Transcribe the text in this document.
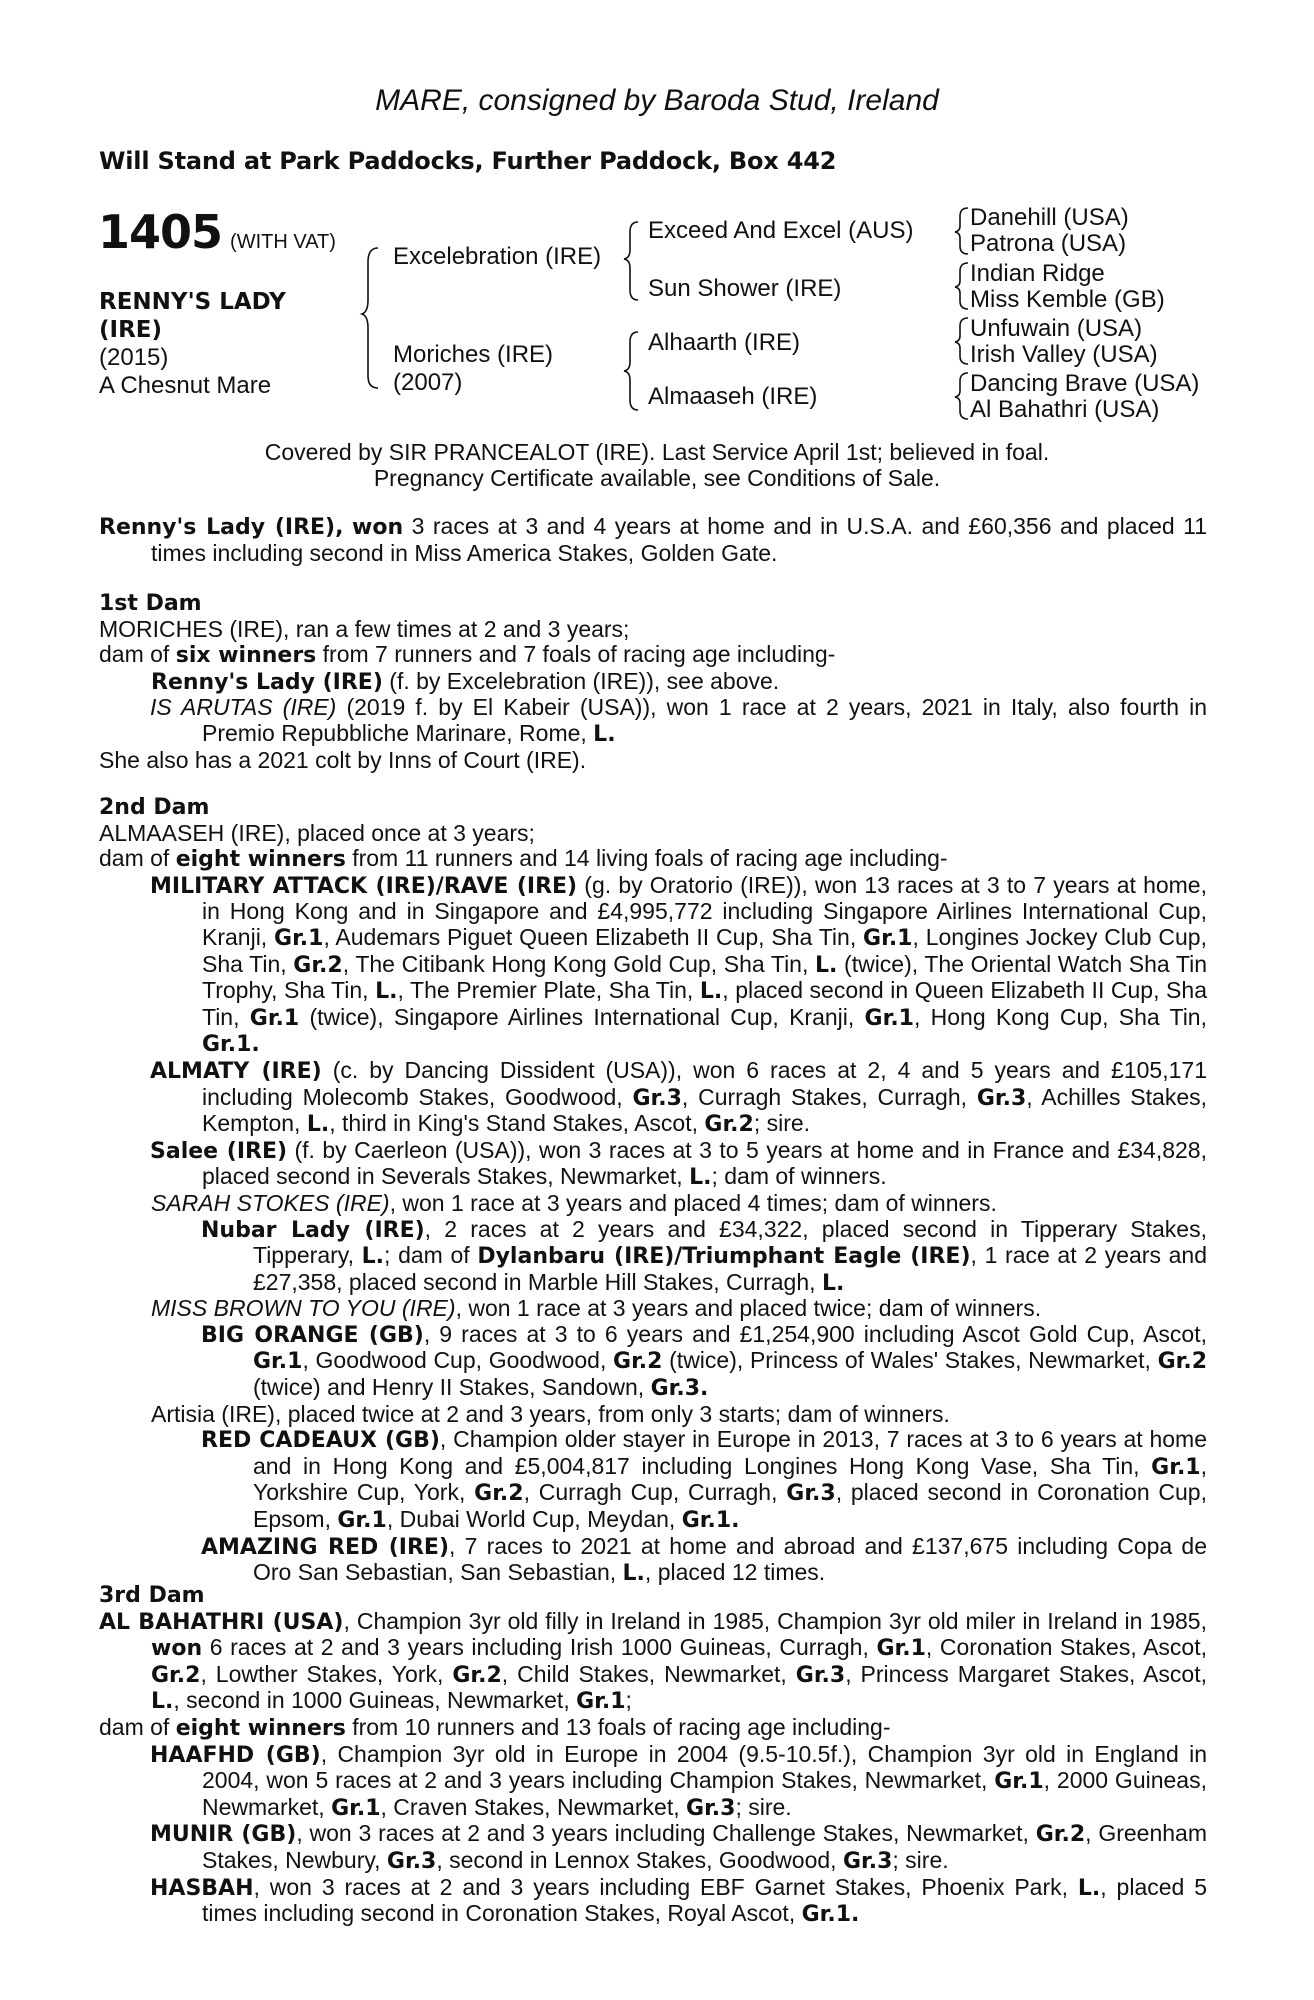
MARE, consigned by Baroda Stud, Ireland
Will Stand at Park Paddocks, Further Paddock, Box 442
1405 (WITH VAT)
RENNY'S LADY
(IRE)
(2015)
A Chesnut Mare
Excelebration (IRE)
Moriches (IRE)
(2007)
Exceed And Excel (AUS)
Sun Shower (IRE)
Alhaarth (IRE)
Almaaseh (IRE)
Danehill (USA)
Patrona (USA)
Indian Ridge
Miss Kemble (GB)
Unfuwain (USA)
Irish Valley (USA)
Dancing Brave (USA)
Al Bahathri (USA)
Covered by SIR PRANCEALOT (IRE). Last Service April 1st; believed in foal.
Pregnancy Certificate available, see Conditions of Sale.

Renny's Lady (IRE), won 3 races at 3 and 4 years at home and in U.S.A. and £60,356 and placed 11 times including second in Miss America Stakes, Golden Gate.

1st Dam

MORICHES (IRE), ran a few times at 2 and 3 years;

dam of six winners from 7 runners and 7 foals of racing age including-

Renny's Lady (IRE) (f. by Excelebration (IRE)), see above.

IS ARUTAS (IRE) (2019 f. by El Kabeir (USA)), won 1 race at 2 years, 2021 in Italy, also fourth in Premio Repubbliche Marinare, Rome, L.

She also has a 2021 colt by Inns of Court (IRE).

2nd Dam

ALMAASEH (IRE), placed once at 3 years;

dam of eight winners from 11 runners and 14 living foals of racing age including-

MILITARY ATTACK (IRE)/RAVE (IRE) (g. by Oratorio (IRE)), won 13 races at 3 to 7 years at home, in Hong Kong and in Singapore and £4,995,772 including Singapore Airlines International Cup, Kranji, Gr.1, Audemars Piguet Queen Elizabeth II Cup, Sha Tin, Gr.1, Longines Jockey Club Cup, Sha Tin, Gr.2, The Citibank Hong Kong Gold Cup, Sha Tin, L. (twice), The Oriental Watch Sha Tin Trophy, Sha Tin, L., The Premier Plate, Sha Tin, L., placed second in Queen Elizabeth II Cup, Sha Tin, Gr.1 (twice), Singapore Airlines International Cup, Kranji, Gr.1, Hong Kong Cup, Sha Tin, Gr.1.

ALMATY (IRE) (c. by Dancing Dissident (USA)), won 6 races at 2, 4 and 5 years and £105,171 including Molecomb Stakes, Goodwood, Gr.3, Curragh Stakes, Curragh, Gr.3, Achilles Stakes, Kempton, L., third in King's Stand Stakes, Ascot, Gr.2; sire.

Salee (IRE) (f. by Caerleon (USA)), won 3 races at 3 to 5 years at home and in France and £34,828, placed second in Severals Stakes, Newmarket, L.; dam of winners.

SARAH STOKES (IRE), won 1 race at 3 years and placed 4 times; dam of winners.

Nubar Lady (IRE), 2 races at 2 years and £34,322, placed second in Tipperary Stakes, Tipperary, L.; dam of Dylanbaru (IRE)/Triumphant Eagle (IRE), 1 race at 2 years and £27,358, placed second in Marble Hill Stakes, Curragh, L.

MISS BROWN TO YOU (IRE), won 1 race at 3 years and placed twice; dam of winners.

BIG ORANGE (GB), 9 races at 3 to 6 years and £1,254,900 including Ascot Gold Cup, Ascot, Gr.1, Goodwood Cup, Goodwood, Gr.2 (twice), Princess of Wales' Stakes, Newmarket, Gr.2 (twice) and Henry II Stakes, Sandown, Gr.3.

Artisia (IRE), placed twice at 2 and 3 years, from only 3 starts; dam of winners.

RED CADEAUX (GB), Champion older stayer in Europe in 2013, 7 races at 3 to 6 years at home and in Hong Kong and £5,004,817 including Longines Hong Kong Vase, Sha Tin, Gr.1, Yorkshire Cup, York, Gr.2, Curragh Cup, Curragh, Gr.3, placed second in Coronation Cup, Epsom, Gr.1, Dubai World Cup, Meydan, Gr.1.

AMAZING RED (IRE), 7 races to 2021 at home and abroad and £137,675 including Copa de Oro San Sebastian, San Sebastian, L., placed 12 times.

3rd Dam

AL BAHATHRI (USA), Champion 3yr old filly in Ireland in 1985, Champion 3yr old miler in Ireland in 1985, won 6 races at 2 and 3 years including Irish 1000 Guineas, Curragh, Gr.1, Coronation Stakes, Ascot, Gr.2, Lowther Stakes, York, Gr.2, Child Stakes, Newmarket, Gr.3, Princess Margaret Stakes, Ascot, L., second in 1000 Guineas, Newmarket, Gr.1;

dam of eight winners from 10 runners and 13 foals of racing age including-

HAAFHD (GB), Champion 3yr old in Europe in 2004 (9.5-10.5f.), Champion 3yr old in England in 2004, won 5 races at 2 and 3 years including Champion Stakes, Newmarket, Gr.1, 2000 Guineas, Newmarket, Gr.1, Craven Stakes, Newmarket, Gr.3; sire.

MUNIR (GB), won 3 races at 2 and 3 years including Challenge Stakes, Newmarket, Gr.2, Greenham Stakes, Newbury, Gr.3, second in Lennox Stakes, Goodwood, Gr.3; sire.

HASBAH, won 3 races at 2 and 3 years including EBF Garnet Stakes, Phoenix Park, L., placed 5 times including second in Coronation Stakes, Royal Ascot, Gr.1.
